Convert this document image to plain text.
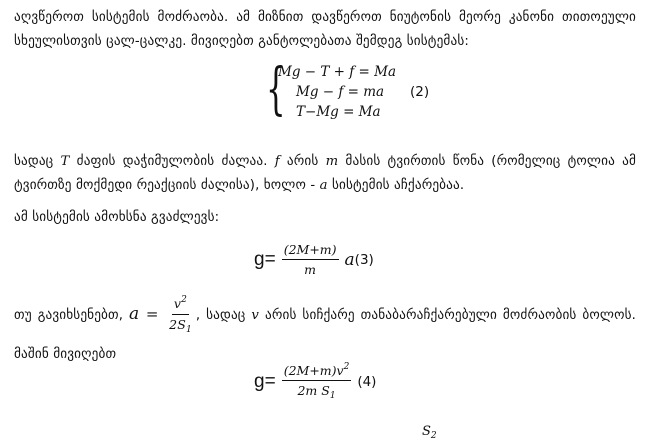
აღვწეროთ სისტემის მოძრაობა. ამ მიზნით დავწეროთ ნიუტონის მეორე კანონი თითოეული სხეულისთვის ცალ-ცალკე. მივიღებთ განტოლებათა შემდეგ სისტემას:
{
Mg − T + f = Ma
Mg − f = ma
T−Mg = Ma
(2)
სადაც T ძაფის დაჭიმულობის ძალაა. f არის m მასის ტვირთის წონა (რომელიც ტოლია ამ ტვირთზე მოქმედი რეაქციის ძალისა), ხოლო - a სისტემის აჩქარებაა.
ამ სისტემის ამოხსნა გვაძლევს:
$g = \frac{(2M+m)}{m}$ a (3)
თუ გავიხსენებთ, $a = \frac{v^2}{2S_1}$ , სადაც v არის სიჩქარე თანაბარაჩქარებული მოძრაობის ბოლოს. მაშინ მივიღებთ
$g = \frac{(2M+m)v^2}{2m S_1} (4)$
$S_2$
